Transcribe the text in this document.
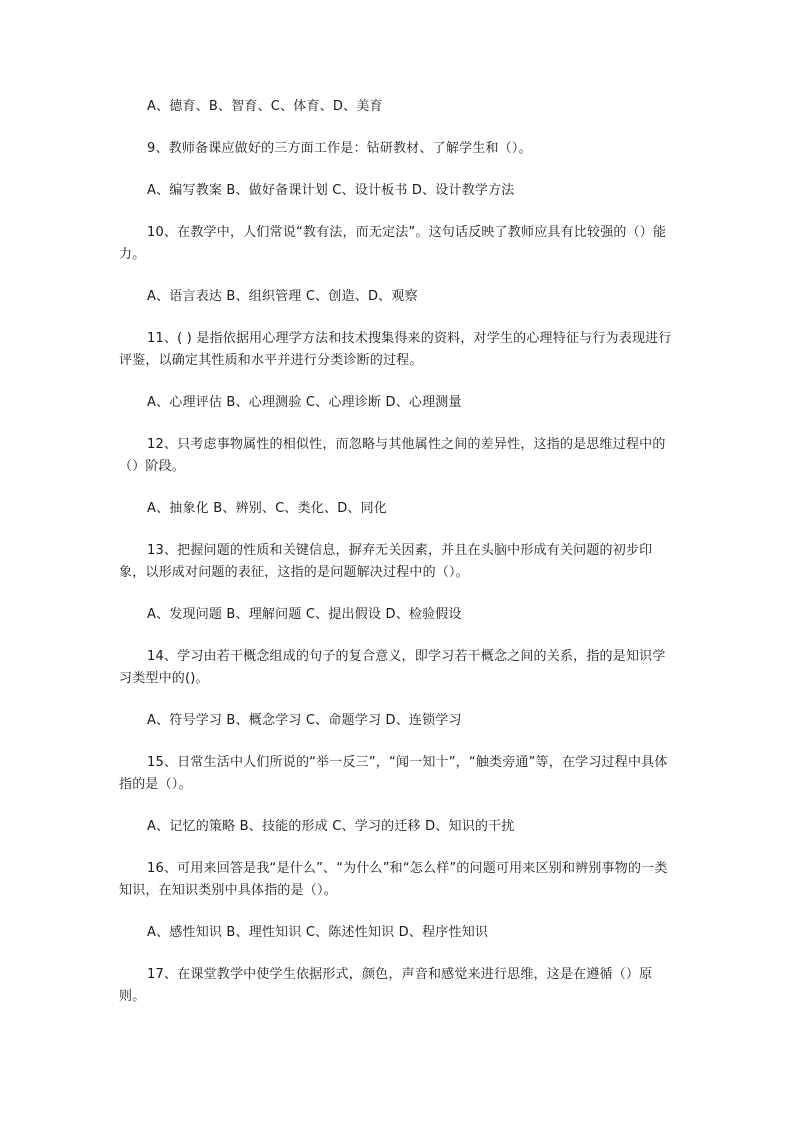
A、德育、B、智育、C、体育、D、美育

9、教师备课应做好的三方面工作是：钻研教材、了解学生和（）。

A、编写教案 B、做好备课计划 C、设计板书 D、设计教学方法

10、在教学中，人们常说“教有法，而无定法”。这句话反映了教师应具有比较强的（）能力。

A、语言表达 B、组织管理 C、创造、D、观察

11、( ) 是指依据用心理学方法和技术搜集得来的资料，对学生的心理特征与行为表现进行评鉴，以确定其性质和水平并进行分类诊断的过程。

A、心理评估 B、心理测验 C、心理诊断 D、心理测量

12、只考虑事物属性的相似性，而忽略与其他属性之间的差异性，这指的是思维过程中的（）阶段。

A、抽象化 B、辨别、C、类化、D、同化

13、把握问题的性质和关键信息，摒弃无关因素，并且在头脑中形成有关问题的初步印象，以形成对问题的表征，这指的是问题解决过程中的（）。

A、发现问题 B、理解问题 C、提出假设 D、检验假设

14、学习由若干概念组成的句子的复合意义，即学习若干概念之间的关系，指的是知识学习类型中的()。

A、符号学习 B、概念学习 C、命题学习 D、连锁学习

15、日常生活中人们所说的“举一反三”，“闻一知十”，“触类旁通”等，在学习过程中具体指的是（）。

A、记忆的策略 B、技能的形成 C、学习的迁移 D、知识的干扰

16、可用来回答是我“是什么”、“为什么”和“怎么样”的问题可用来区别和辨别事物的一类知识，在知识类别中具体指的是（）。

A、感性知识 B、理性知识 C、陈述性知识 D、程序性知识

17、在课堂教学中使学生依据形式，颜色，声音和感觉来进行思维，这是在遵循（）原则。
